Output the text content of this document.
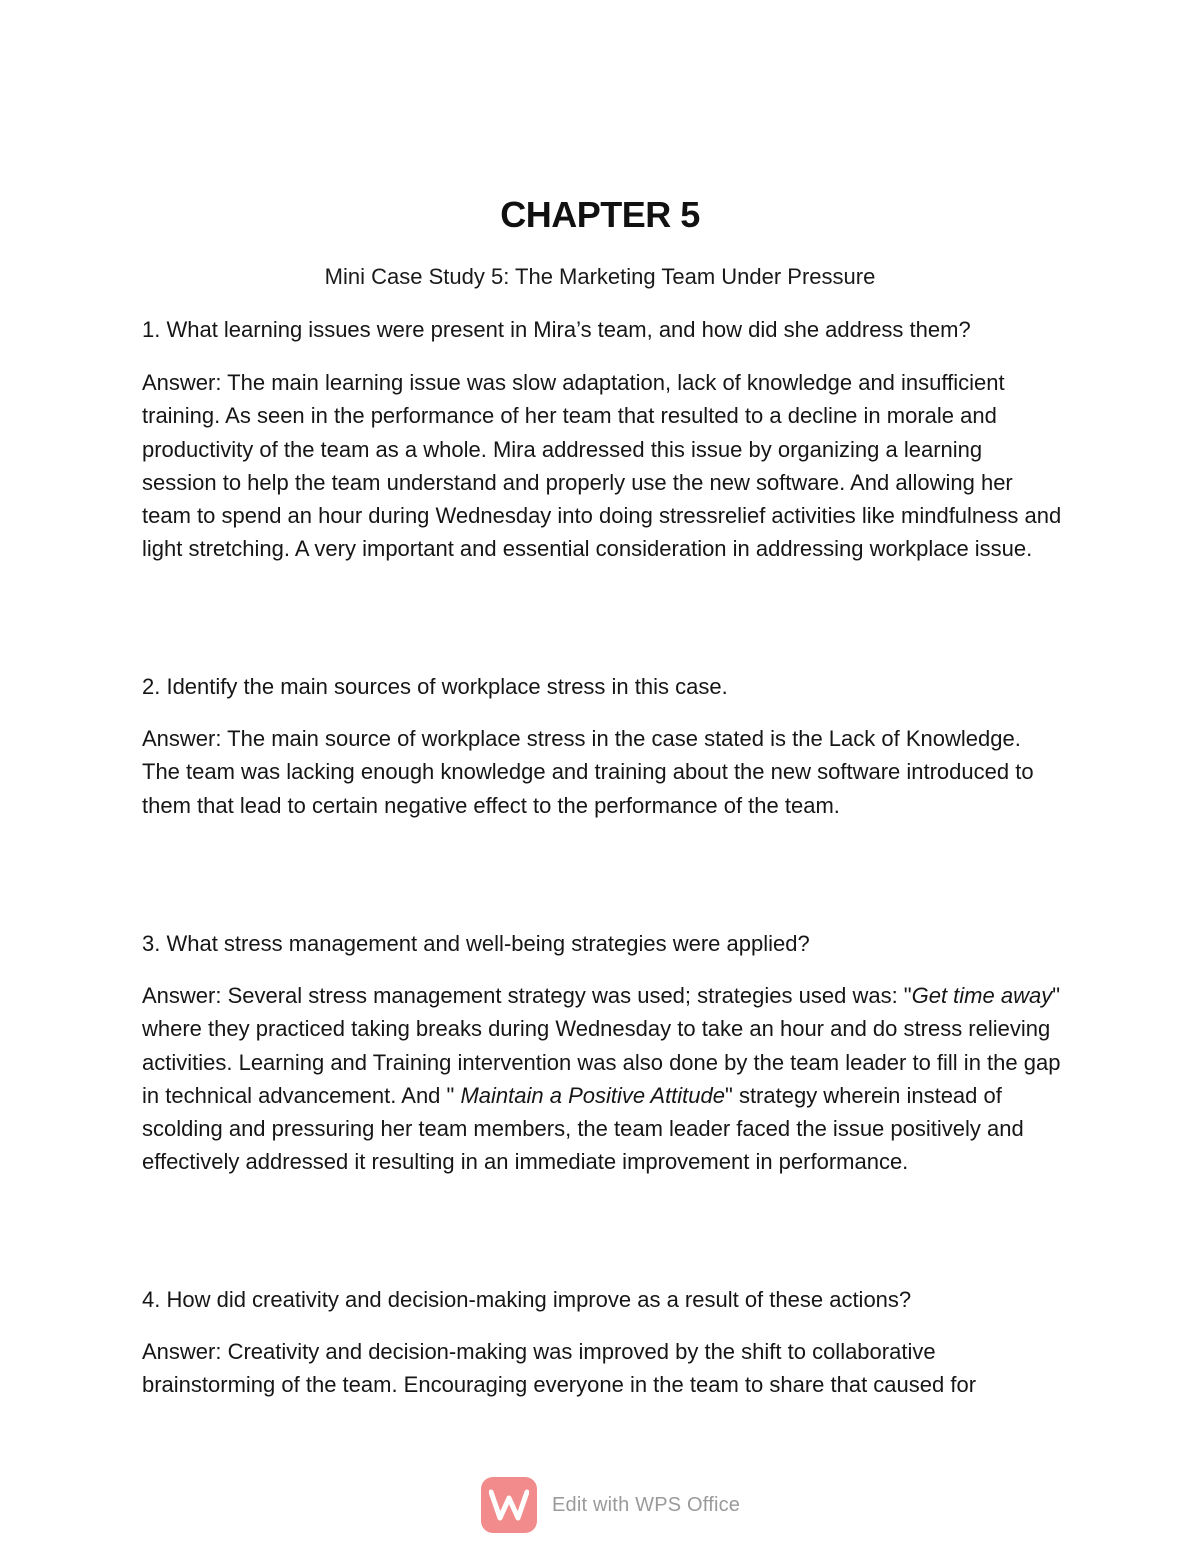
CHAPTER 5

Mini Case Study 5: The Marketing Team Under Pressure

1. What learning issues were present in Mira’s team, and how did she address them?

Answer: The main learning issue was slow adaptation, lack of knowledge and insufficient training. As seen in the performance of her team that resulted to a decline in morale and productivity of the team as a whole. Mira addressed this issue by organizing a learning session to help the team understand and properly use the new software. And allowing her team to spend an hour during Wednesday into doing stressrelief activities like mindfulness and light stretching. A very important and essential consideration in addressing workplace issue.

2. Identify the main sources of workplace stress in this case.

Answer: The main source of workplace stress in the case stated is the Lack of Knowledge. The team was lacking enough knowledge and training about the new software introduced to them that lead to certain negative effect to the performance of the team.

3. What stress management and well-being strategies were applied?

Answer: Several stress management strategy was used; strategies used was: "Get time away" where they practiced taking breaks during Wednesday to take an hour and do stress relieving activities. Learning and Training intervention was also done by the team leader to fill in the gap in technical advancement. And " Maintain a Positive Attitude" strategy wherein instead of scolding and pressuring her team members, the team leader faced the issue positively and effectively addressed it resulting in an immediate improvement in performance.

4. How did creativity and decision-making improve as a result of these actions?

Answer: Creativity and decision-making was improved by the shift to collaborative brainstorming of the team. Encouraging everyone in the team to share that caused for

Edit with WPS Office
